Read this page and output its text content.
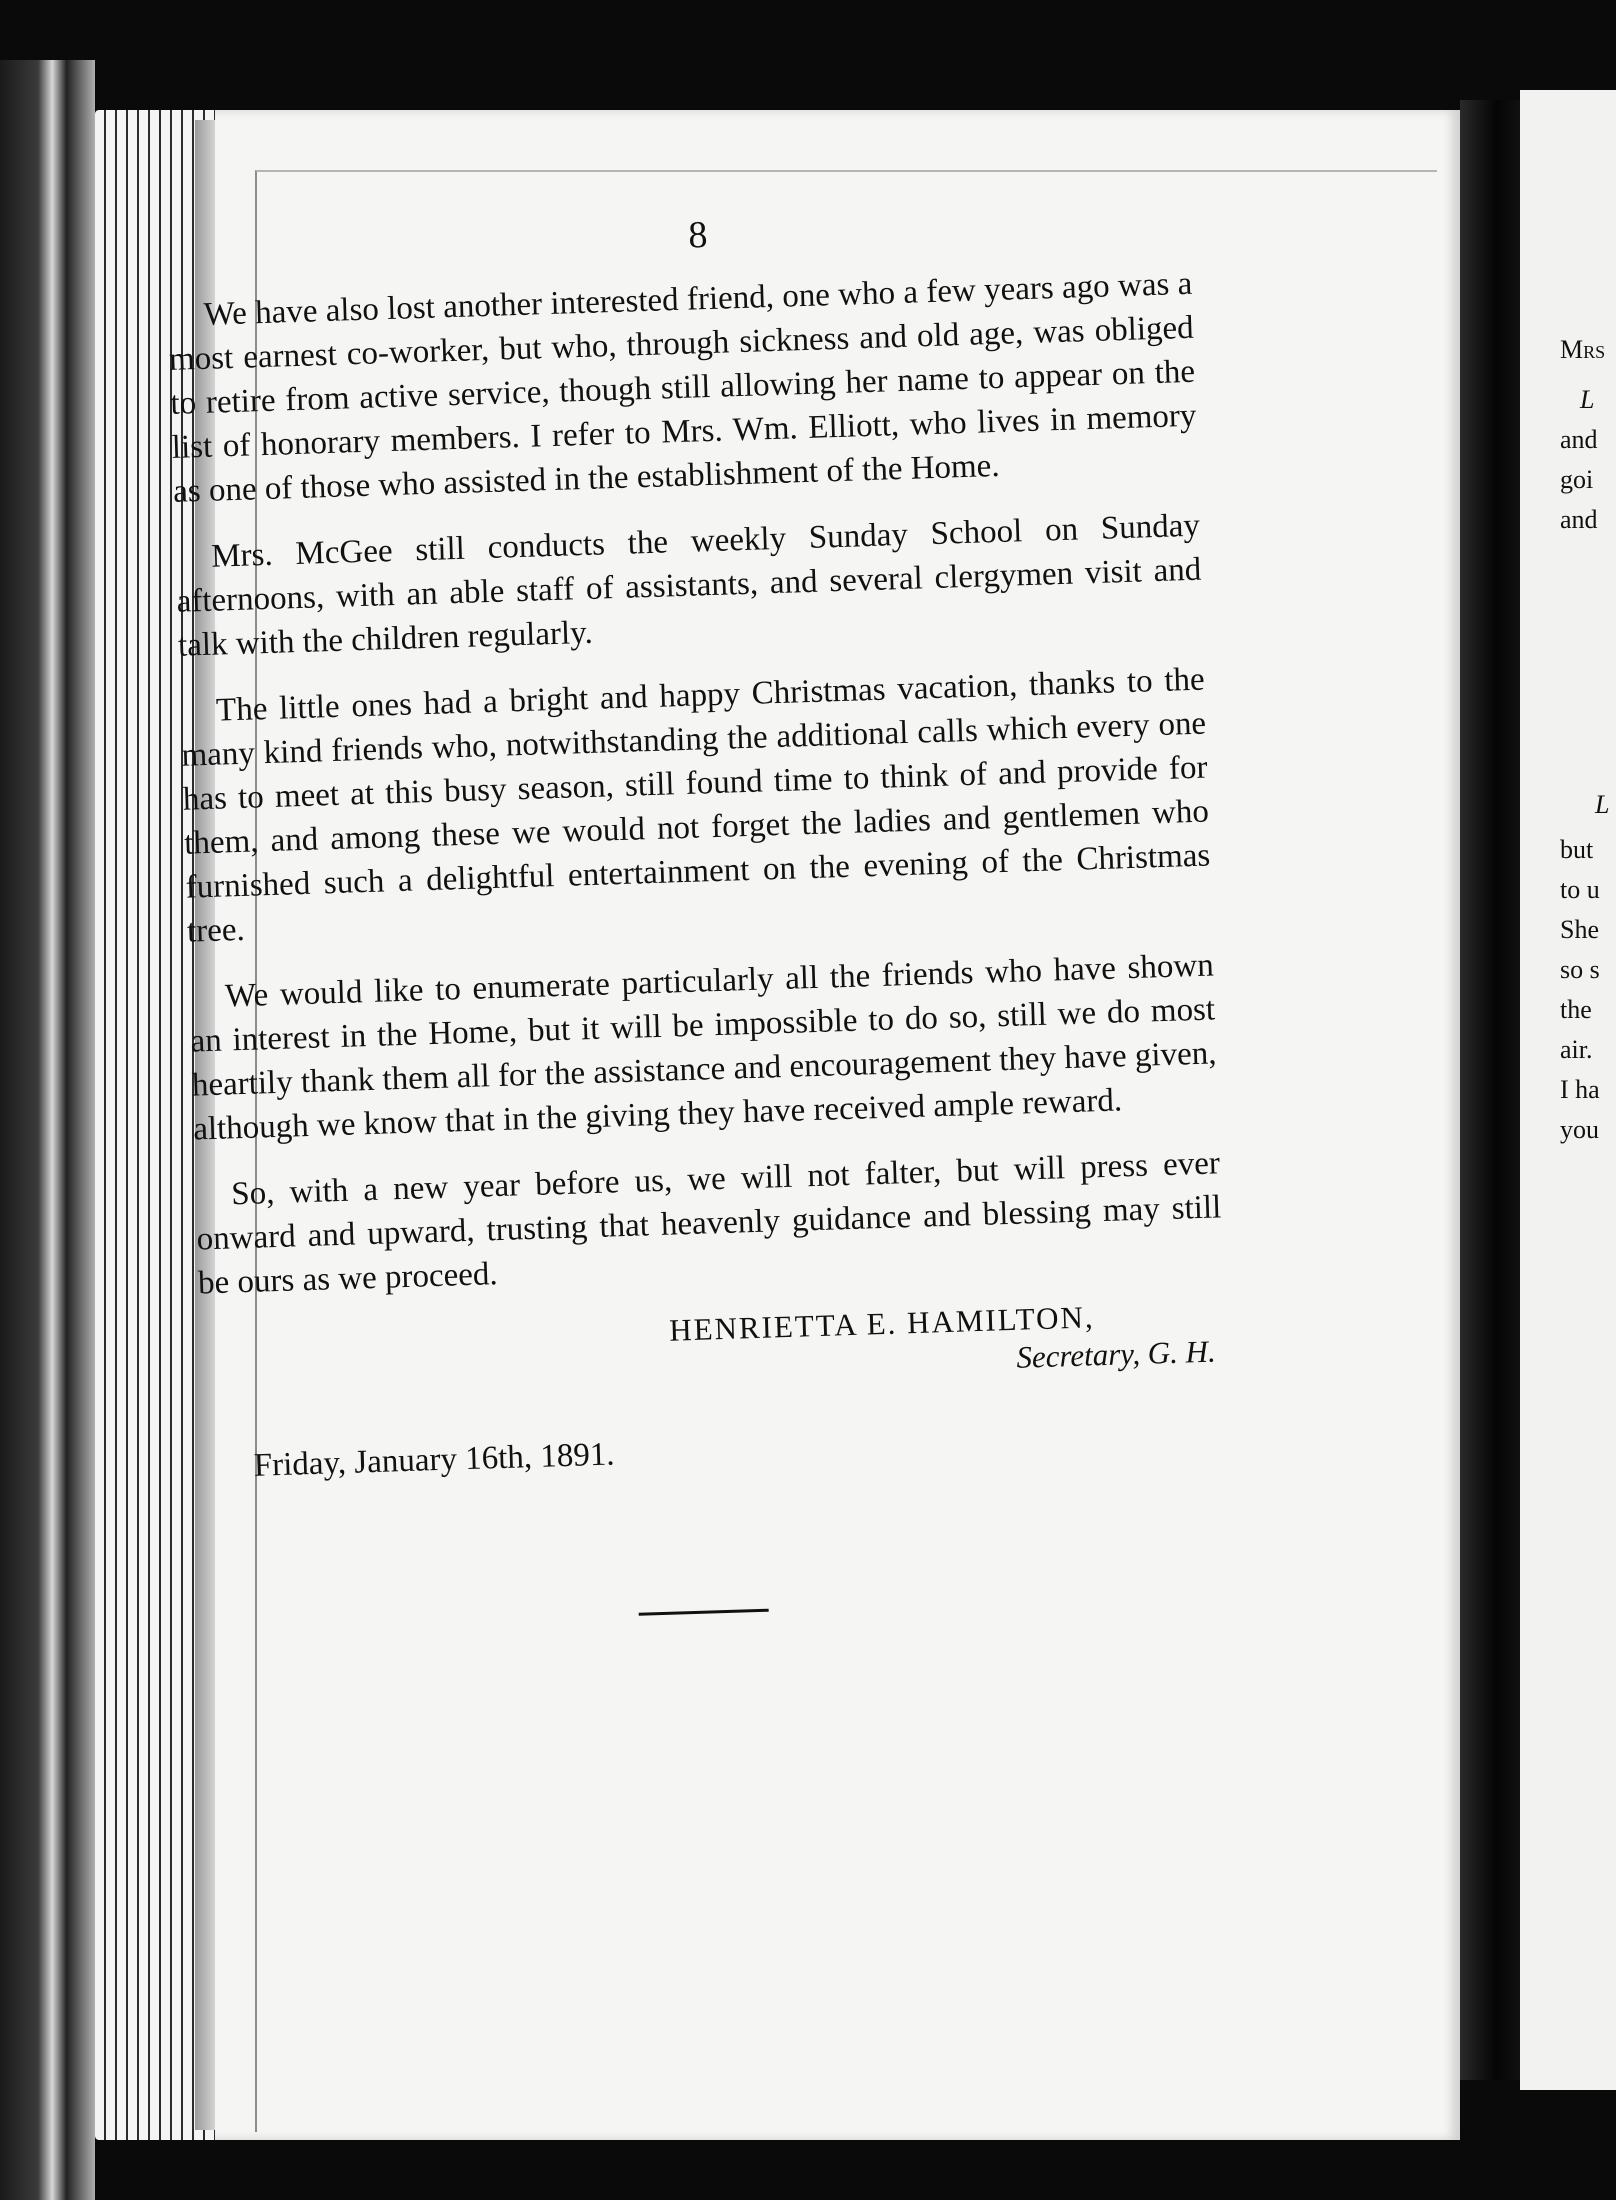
Mrs
L
and
goi
and
L
but
to u
She
so s
the
air.
I ha
you
8

We have also lost another interested friend, one who a few years ago was a most earnest co-worker, but who, through sickness and old age, was obliged to retire from active service, though still allowing her name to appear on the list of honorary members. I refer to Mrs. Wm. Elliott, who lives in memory as one of those who assisted in the establishment of the Home.

Mrs. McGee still conducts the weekly Sunday School on Sunday afternoons, with an able staff of assistants, and several clergymen visit and talk with the children regularly.

The little ones had a bright and happy Christmas vacation, thanks to the many kind friends who, notwithstanding the additional calls which every one has to meet at this busy season, still found time to think of and provide for them, and among these we would not forget the ladies and gentlemen who furnished such a delightful entertainment on the evening of the Christmas tree.

We would like to enumerate particularly all the friends who have shown an interest in the Home, but it will be impossible to do so, still we do most heartily thank them all for the assistance and encouragement they have given, although we know that in the giving they have received ample reward.

So, with a new year before us, we will not falter, but will press ever onward and upward, trusting that heavenly guidance and blessing may still be ours as we proceed.

HENRIETTA E. HAMILTON,
Secretary, G. H.
Friday, January 16th, 1891.
